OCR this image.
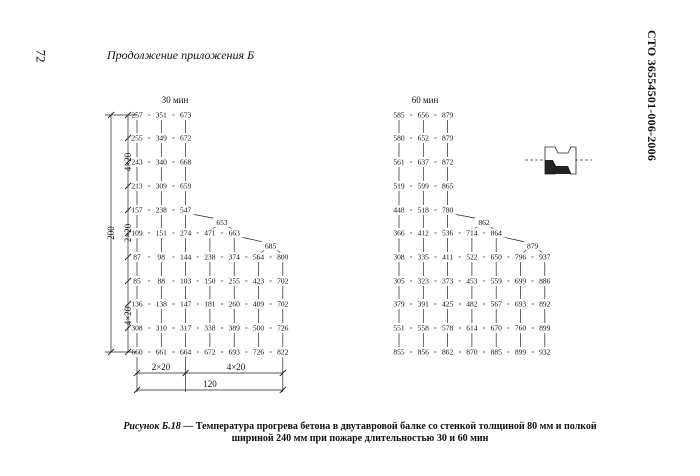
72	Продолжение приложения Б	СТО 36554501-006-2006
30 мин
257 351 673
255 349 672
243 340 668
213 309 659
157 238 547
109 151 274 471 663
87 98 144 238 374 564 800
85 88 103 150 255 423 702
136 138 147 181 260 409 702
308 310 317 338 389 500 726
660 661 664 672 693 726 822
653
685
60 мин
585 656 879
580 652 879
561 637 872
519 599 865
448 518 780
366 412 536 714 864
308 335 411 522 650 796 937
305 323 373 453 559 699 886
379 391 425 482 567 693 892
551 558 578 614 670 760 899
855 856 862 870 885 899 932
862
879
200
4×20
2×20
4×20
2×20	4×20
120
Рисунок Б.18 — Температура прогрева бетона в двутавровой балке со стенкой толщиной 80 мм и полкой шириной 240 мм при пожаре длительностью 30 и 60 мин
